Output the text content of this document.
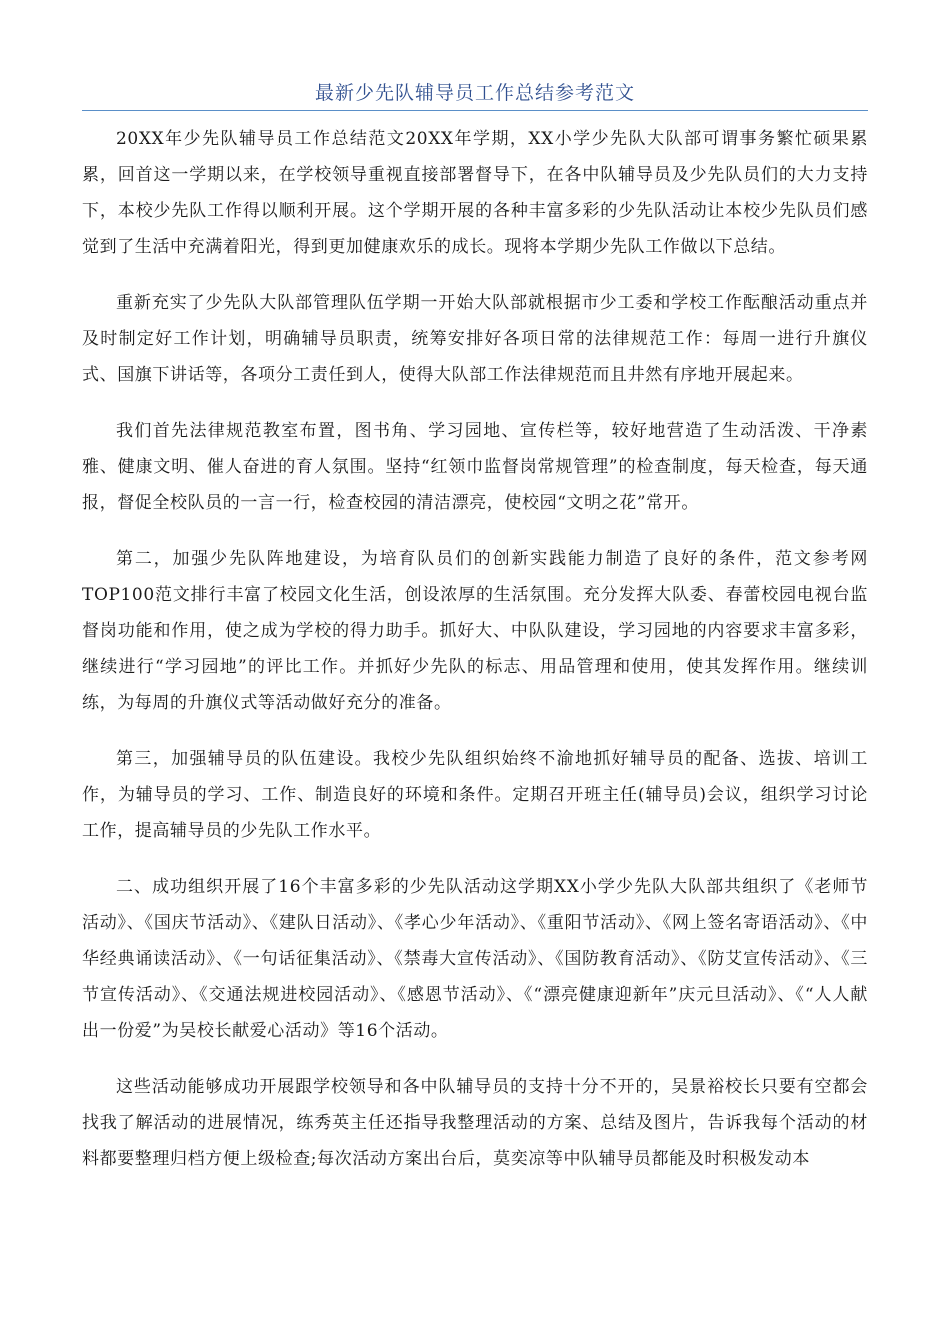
最新少先队辅导员工作总结参考范文

20XX年少先队辅导员工作总结范文20XX年学期，XX小学少先队大队部可谓事务繁忙硕果累累，回首这一学期以来，在学校领导重视直接部署督导下，在各中队辅导员及少先队员们的大力支持下，本校少先队工作得以顺利开展。这个学期开展的各种丰富多彩的少先队活动让本校少先队员们感觉到了生活中充满着阳光，得到更加健康欢乐的成长。现将本学期少先队工作做以下总结。

重新充实了少先队大队部管理队伍学期一开始大队部就根据市少工委和学校工作酝酿活动重点并及时制定好工作计划，明确辅导员职责，统筹安排好各项日常的法律规范工作：每周一进行升旗仪式、国旗下讲话等，各项分工责任到人，使得大队部工作法律规范而且井然有序地开展起来。

我们首先法律规范教室布置，图书角、学习园地、宣传栏等，较好地营造了生动活泼、干净素雅、健康文明、催人奋进的育人氛围。坚持“红领巾监督岗常规管理”的检查制度，每天检查，每天通报，督促全校队员的一言一行，检查校园的清洁漂亮，使校园“文明之花”常开。

第二，加强少先队阵地建设，为培育队员们的创新实践能力制造了良好的条件，范文参考网TOP100范文排行丰富了校园文化生活，创设浓厚的生活氛围。充分发挥大队委、春蕾校园电视台监督岗功能和作用，使之成为学校的得力助手。抓好大、中队队建设，学习园地的内容要求丰富多彩，继续进行“学习园地”的评比工作。并抓好少先队的标志、用品管理和使用，使其发挥作用。继续训练，为每周的升旗仪式等活动做好充分的准备。

第三，加强辅导员的队伍建设。我校少先队组织始终不渝地抓好辅导员的配备、选拔、培训工作，为辅导员的学习、工作、制造良好的环境和条件。定期召开班主任(辅导员)会议，组织学习讨论工作，提高辅导员的少先队工作水平。

二、成功组织开展了16个丰富多彩的少先队活动这学期XX小学少先队大队部共组织了《老师节活动》、《国庆节活动》、《建队日活动》、《孝心少年活动》、《重阳节活动》、《网上签名寄语活动》、《中华经典诵读活动》、《一句话征集活动》、《禁毒大宣传活动》、《国防教育活动》、《防艾宣传活动》、《三节宣传活动》、《交通法规进校园活动》、《感恩节活动》、《“漂亮健康迎新年”庆元旦活动》、《“人人献出一份爱”为吴校长献爱心活动》等16个活动。

这些活动能够成功开展跟学校领导和各中队辅导员的支持十分不开的，吴景裕校长只要有空都会找我了解活动的进展情况，练秀英主任还指导我整理活动的方案、总结及图片，告诉我每个活动的材料都要整理归档方便上级检查;每次活动方案出台后，莫奕凉等中队辅导员都能及时积极发动本
